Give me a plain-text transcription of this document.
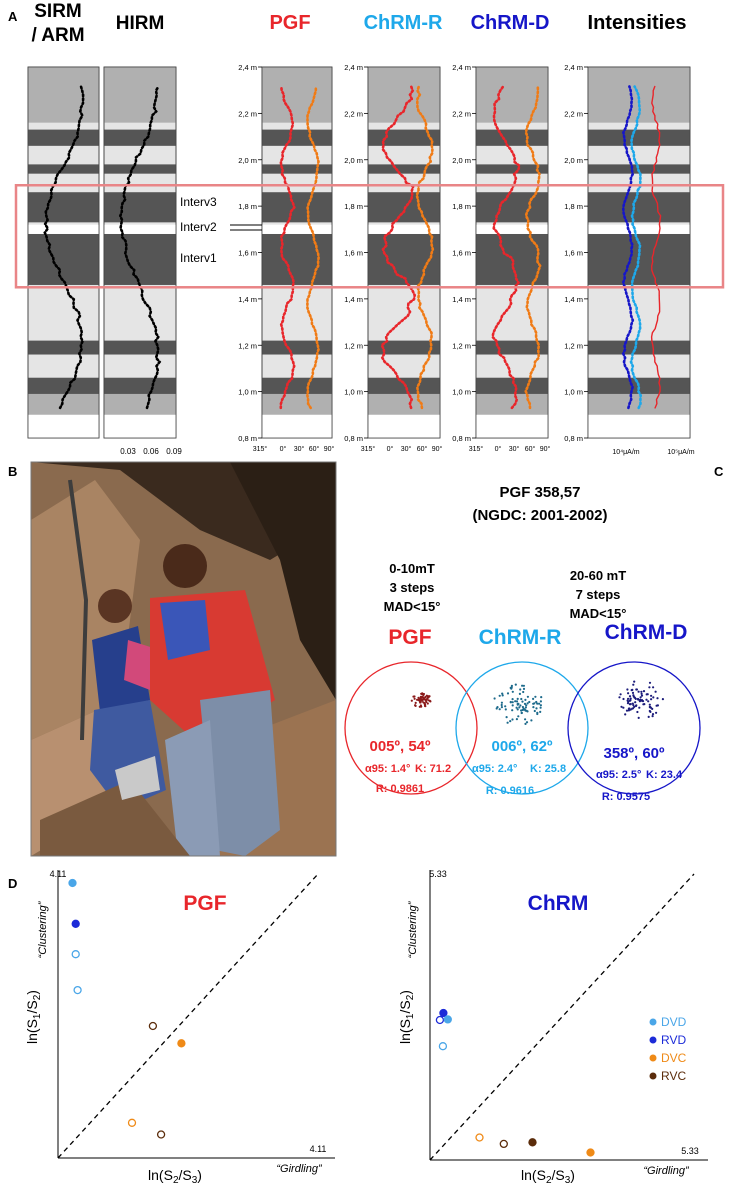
A SIRM
/ ARM
HIRM	PGF	ChRM-R ChRM-D Intensities
2,4 m
2,2 m
2,0 m
1,8 m
1,6 m
1,4 m
1,2 m
1,0 m
0,8 m
2,4 m
2,2 m
2,0 m
1,8 m
1,6 m
1,4 m
1,2 m
1,0 m
0,8 m
2,4 m
2,2 m
2,0 m
1,8 m
1,6 m
1,4 m
1,2 m
1,0 m
0,8 m
2,4 m
2,2 m
2,0 m
1,8 m
1,6 m
1,4 m
1,2 m
1,0 m
0,8 m
Interv3
Interv2
Interv1
0.03 0.06 0.09	315° 0° 30° 60° 90°	315° 0° 30° 60° 90°	315° 0° 30° 60° 90°	10⁴μA/m	10⁵μA/m
B	C
PGF 358,57
(NGDC: 2001-2002)
0-10mT
3 steps
MAD<15°
20-60 mT
7 steps
MAD<15°
PGF ChRM-R ChRM-D
005º, 54º
α95: 1.4° K: 71.2
R: 0.9861
006º, 62º
α95: 2.4° K: 25.8
R: 0.9616
358º, 60º
α95: 2.5° K: 23.4
R: 0.9575
D
PGF
4.11
4.11
“Clustering”
“Girdling”
$\ln(S_1/S_2)$
$\ln(S_2/S_3)$
ChRM
5.33
5.33
“Clustering”
“Girdling”
$\ln(S_1/S_2)$
$\ln(S_2/S_3)$
DVD
RVD
DVC
RVC
